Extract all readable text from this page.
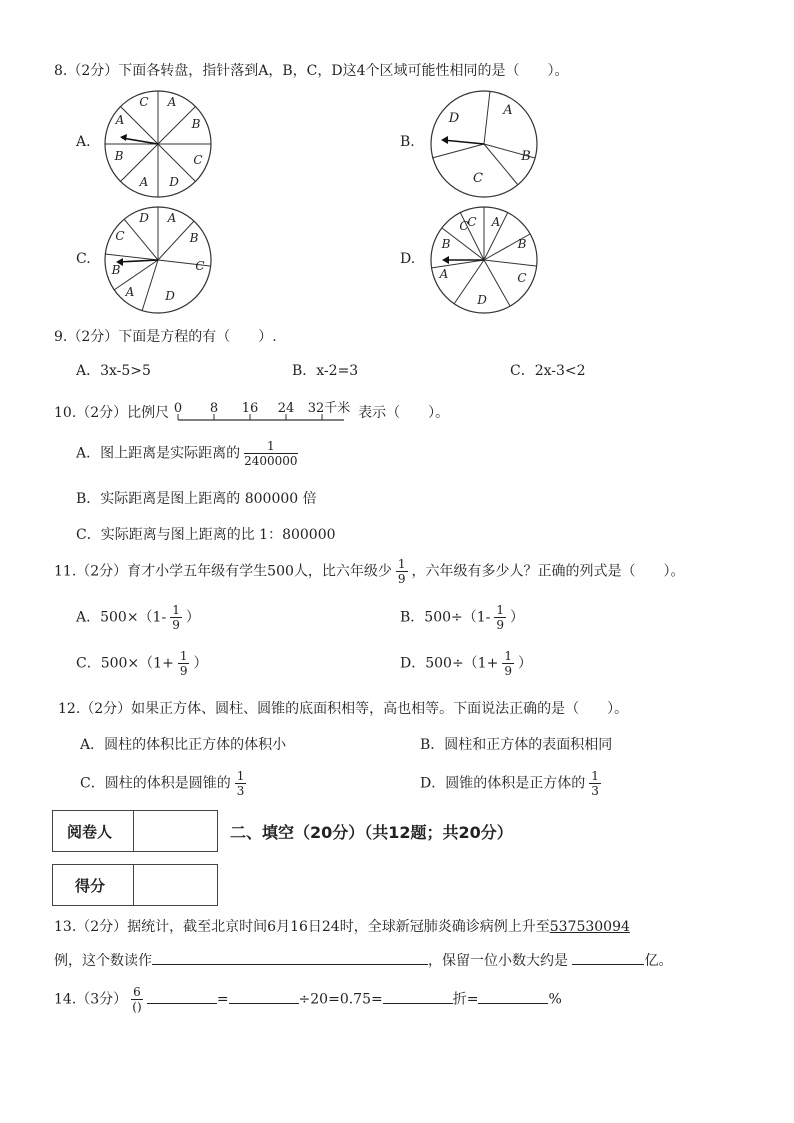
8.（2分）下面各转盘，指针落到A，B，C，D这4个区域可能性相同的是（　　）。
A.
C A
B
C
D
A
B
A
B.
D
A
B
C
C.
D A
B
C
D
A
B
C
D.
C A
B
C
D
A
B
C
9.（2分）下面是方程的有（　　）.
A．3x-5>5	B．x-2=3	C．2x-3<2
10.（2分）比例尺 0 8 16 24 32千米 表示（　　）。
A．图上距离是实际距离的 $\frac{1}{2400000}$
B．实际距离是图上距离的 800000 倍
C．实际距离与图上距离的比 1：800000
11.（2分）育才小学五年级有学生500人，比六年级少 $\frac{1}{9}$ ，六年级有多少人？正确的列式是（　　）。
A．$500\times(1- \frac{1}{9}$ ）	B．$500\div(1- \frac{1}{9}$ ）
C．$500\times(1+ \frac{1}{9}$ ）	D．$500\div(1+ \frac{1}{9}$ ）
12.（2分）如果正方体、圆柱、圆锥的底面积相等，高也相等。下面说法正确的是（　　）。
A．圆柱的体积比正方体的体积小	B．圆柱和正方体的表面积相同
C．圆柱的体积是圆锥的 $\frac{1}{3}$	D．圆锥的体积是正方体的 $\frac{1}{3}$
阅卷人	二、填空（20分）（共12题；共20分）
得分
13.（2分）据统计，截至北京时间6月16日24时，全球新冠肺炎确诊病例上升至537530094
例，这个数读作	，保留一位小数大约是	亿。
14.（3分） $\frac{6}{()}$	=	÷20=0.75=	折=	%
